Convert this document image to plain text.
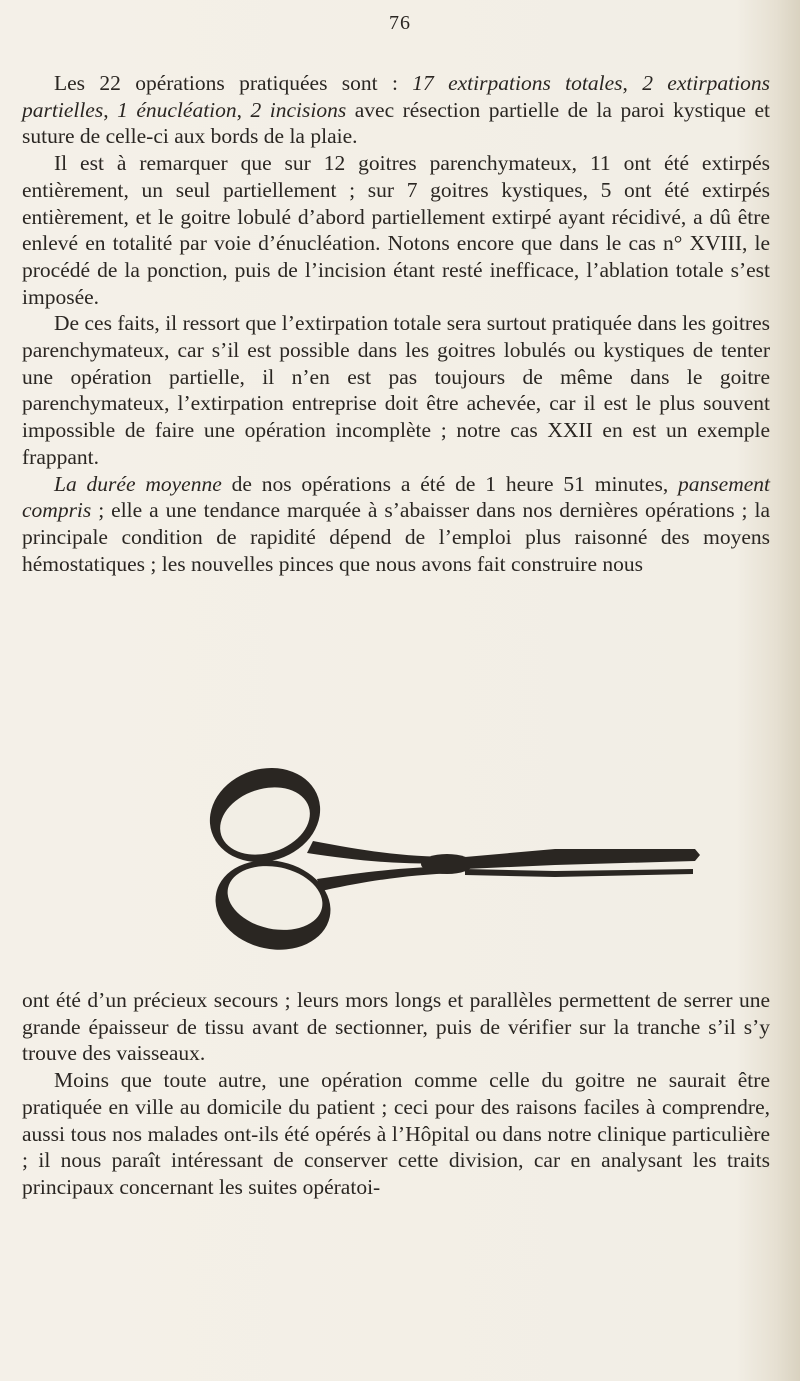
76

Les 22 opérations pratiquées sont : 17 extirpations totales, 2 extirpations partielles, 1 énucléation, 2 incisions avec résection partielle de la paroi kystique et suture de celle-ci aux bords de la plaie.

Il est à remarquer que sur 12 goitres parenchymateux, 11 ont été extirpés entièrement, un seul partiellement ; sur 7 goitres kystiques, 5 ont été extirpés entièrement, et le goitre lobulé d’abord partiellement extirpé ayant récidivé, a dû être enlevé en totalité par voie d’énucléation. Notons encore que dans le cas n° XVIII, le procédé de la ponction, puis de l’incision étant resté inefficace, l’ablation totale s’est imposée.

De ces faits, il ressort que l’extirpation totale sera surtout pratiquée dans les goitres parenchymateux, car s’il est possible dans les goitres lobulés ou kystiques de tenter une opération partielle, il n’en est pas toujours de même dans le goitre parenchymateux, l’extirpation entreprise doit être achevée, car il est le plus souvent impossible de faire une opération incomplète ; notre cas XXII en est un exemple frappant.

La durée moyenne de nos opérations a été de 1 heure 51 minutes, pansement compris ; elle a une tendance marquée à s’abaisser dans nos dernières opérations ; la principale condition de rapidité dépend de l’emploi plus raisonné des moyens hémostatiques ; les nouvelles pinces que nous avons fait construire nous

ont été d’un précieux secours ; leurs mors longs et parallèles permettent de serrer une grande épaisseur de tissu avant de sectionner, puis de vérifier sur la tranche s’il s’y trouve des vaisseaux.

Moins que toute autre, une opération comme celle du goitre ne saurait être pratiquée en ville au domicile du patient ; ceci pour des raisons faciles à comprendre, aussi tous nos malades ont-ils été opérés à l’Hôpital ou dans notre clinique particulière ; il nous paraît intéressant de conserver cette division, car en analysant les traits principaux concernant les suites opératoi-
